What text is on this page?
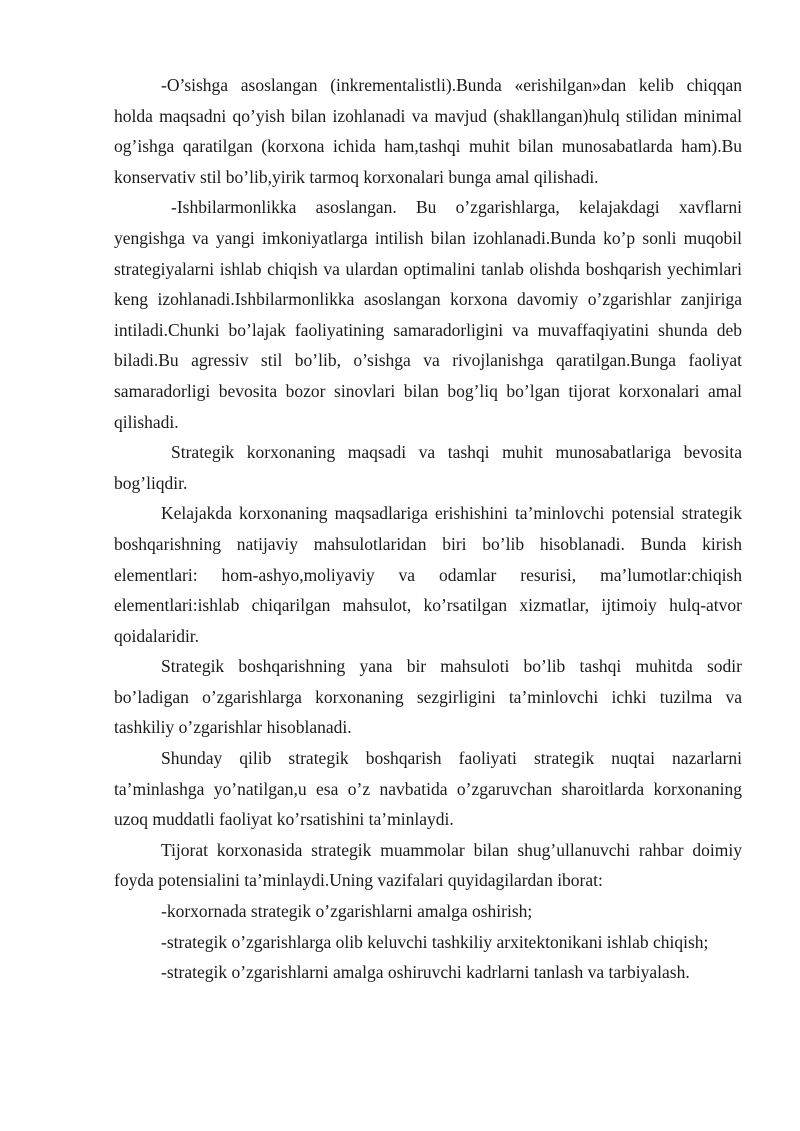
-O’sishga asoslangan (inkrementalistli).Bunda «erishilgan»dan kelib chiqqan holda maqsadni qo’yish bilan izohlanadi va mavjud (shakllangan)hulq stilidan minimal og’ishga qaratilgan (korxona ichida ham,tashqi muhit bilan munosabatlarda ham).Bu konservativ stil bo’lib,yirik tarmoq korxonalari bunga amal qilishadi.

-Ishbilarmonlikka asoslangan. Bu o’zgarishlarga, kelajakdagi xavflarni yengishga va yangi imkoniyatlarga intilish bilan izohlanadi.Bunda ko’p sonli muqobil strategiyalarni ishlab chiqish va ulardan optimalini tanlab olishda boshqarish yechimlari keng izohlanadi.Ishbilarmonlikka asoslangan korxona davomiy o’zgarishlar zanjiriga intiladi.Chunki bo’lajak faoliyatining samaradorligini va muvaffaqiyatini shunda deb biladi.Bu agressiv stil bo’lib, o’sishga va rivojlanishga qaratilgan.Bunga faoliyat samaradorligi bevosita bozor sinovlari bilan bog’liq bo’lgan tijorat korxonalari amal qilishadi.

Strategik korxonaning maqsadi va tashqi muhit munosabatlariga bevosita bog’liqdir.

Kelajakda korxonaning maqsadlariga erishishini ta’minlovchi potensial strategik boshqarishning natijaviy mahsulotlaridan biri bo’lib hisoblanadi. Bunda kirish elementlari: hom-ashyo,moliyaviy va odamlar resurisi, ma’lumotlar:chiqish elementlari:ishlab chiqarilgan mahsulot, ko’rsatilgan xizmatlar, ijtimoiy hulq-atvor qoidalaridir.

Strategik boshqarishning yana bir mahsuloti bo’lib tashqi muhitda sodir bo’ladigan o’zgarishlarga korxonaning sezgirligini ta’minlovchi ichki tuzilma va tashkiliy o’zgarishlar hisoblanadi.

Shunday qilib strategik boshqarish faoliyati strategik nuqtai nazarlarni ta’minlashga yo’natilgan,u esa o’z navbatida o’zgaruvchan sharoitlarda korxonaning uzoq muddatli faoliyat ko’rsatishini ta’minlaydi.

Tijorat korxonasida strategik muammolar bilan shug’ullanuvchi rahbar doimiy foyda potensialini ta’minlaydi.Uning vazifalari quyidagilardan iborat:

-korxornada strategik o’zgarishlarni amalga oshirish;

-strategik o’zgarishlarga olib keluvchi tashkiliy arxitektonikani ishlab chiqish;

-strategik o’zgarishlarni amalga oshiruvchi kadrlarni tanlash va tarbiyalash.
